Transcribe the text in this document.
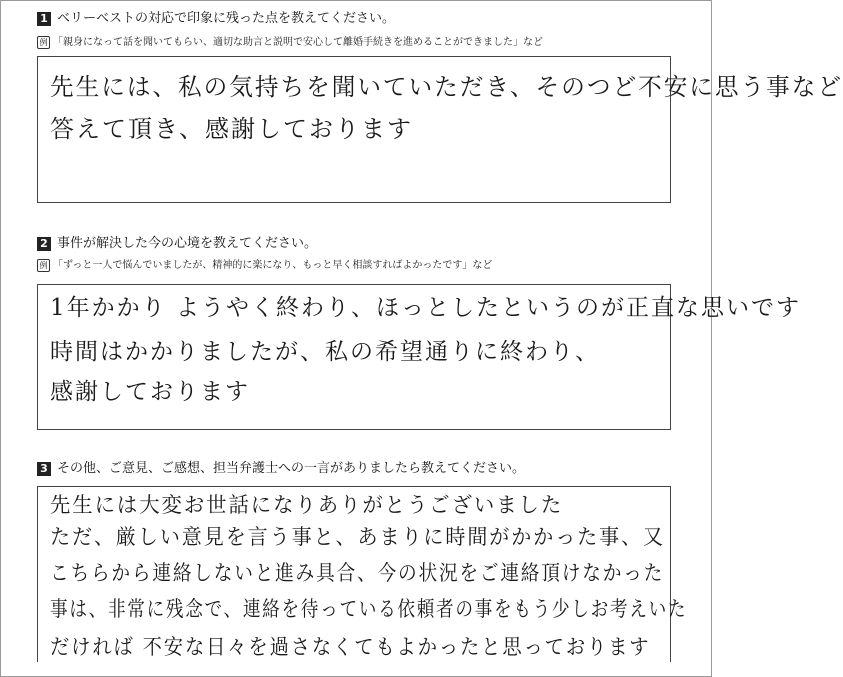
1 ベリーベストの対応で印象に残った点を教えてください。
例 「親身になって話を聞いてもらい、適切な助言と説明で安心して離婚手続きを進めることができました」など
先生には、私の気持ちを聞いていただき、そのつど不安に思う事など
答えて頂き、感謝しております
2 事件が解決した今の心境を教えてください。
例 「ずっと一人で悩んでいましたが、精神的に楽になり、もっと早く相談すればよかったです」など
1年かかり ようやく終わり、ほっとしたというのが正直な思いです
時間はかかりましたが、私の希望通りに終わり、
感謝しております
3 その他、ご意見、ご感想、担当弁護士への一言がありましたら教えてください。
先生には大変お世話になりありがとうございました
ただ、厳しい意見を言う事と、あまりに時間がかかった事、又
こちらから連絡しないと進み具合、今の状況をご連絡頂けなかった
事は、非常に残念で、連絡を待っている依頼者の事をもう少しお考えいた
だければ 不安な日々を過さなくてもよかったと思っております
